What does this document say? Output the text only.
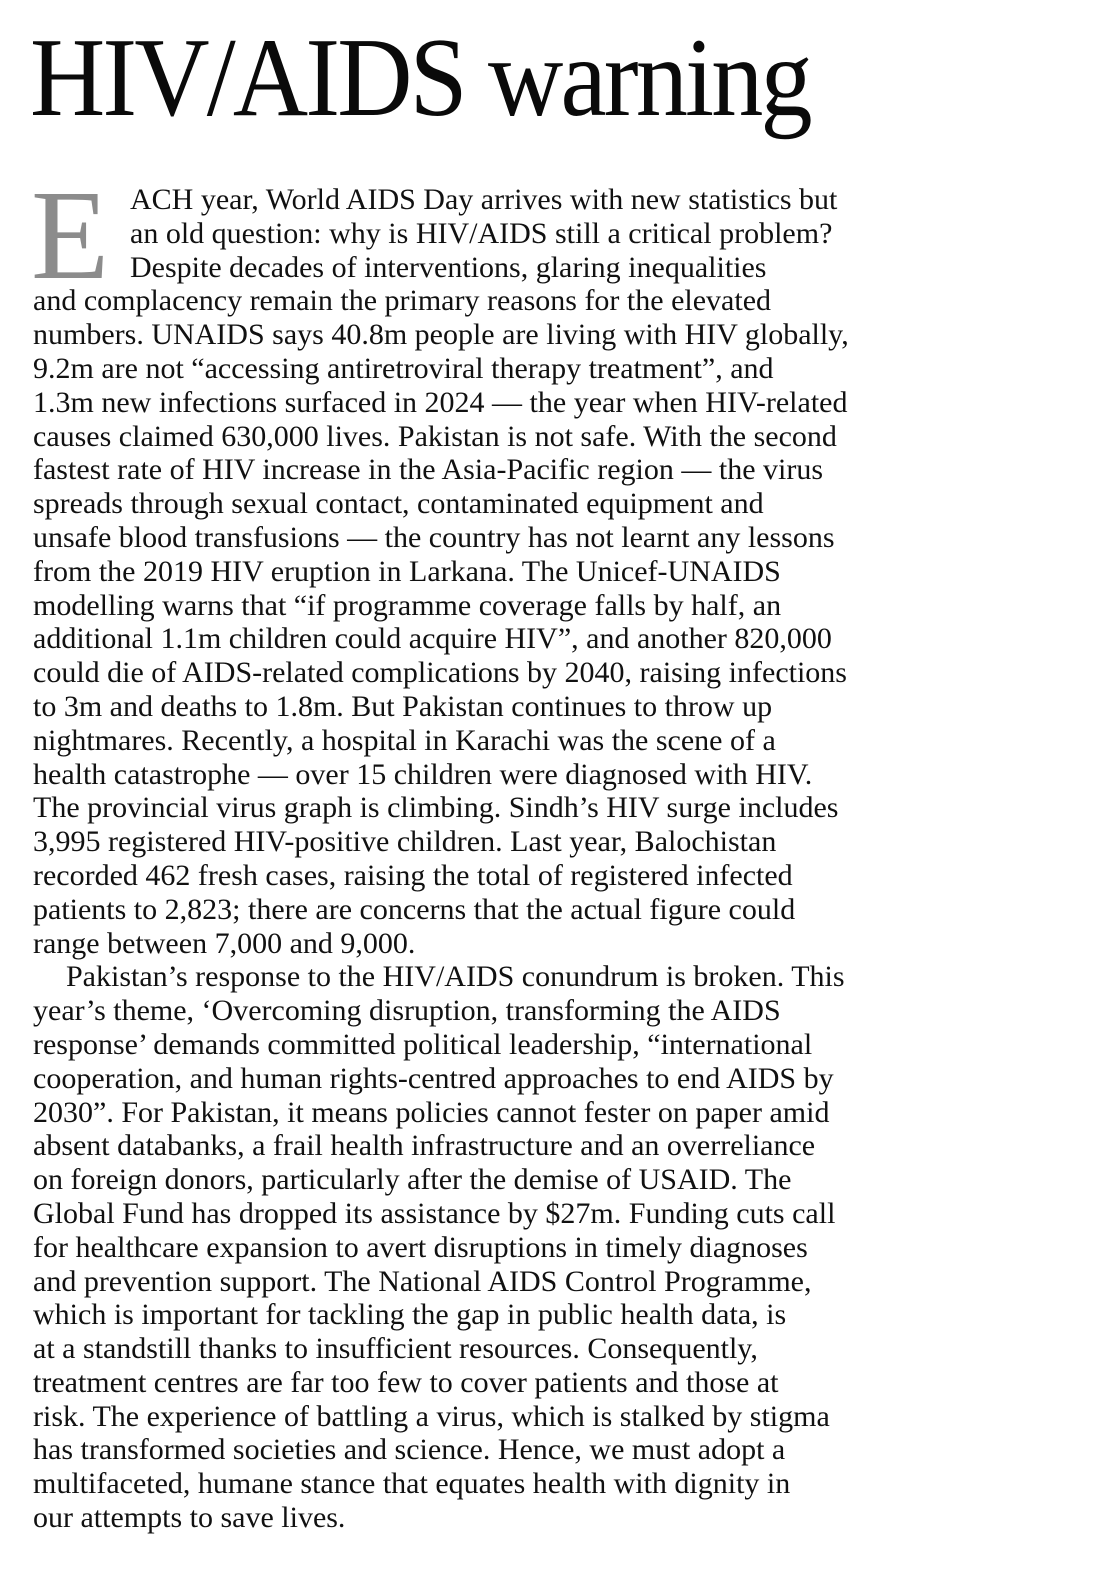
HIV/AIDS warning
E ACH year, World AIDS Day arrives with new statistics but
an old question: why is HIV/AIDS still a critical problem?
Despite decades of interventions, glaring inequalities
and complacency remain the primary reasons for the elevated
numbers. UNAIDS says 40.8m people are living with HIV globally,
9.2m are not “accessing antiretroviral therapy treatment”, and
1.3m new infections surfaced in 2024 — the year when HIV-related
causes claimed 630,000 lives. Pakistan is not safe. With the second
fastest rate of HIV increase in the Asia-Pacific region — the virus
spreads through sexual contact, contaminated equipment and
unsafe blood transfusions — the country has not learnt any lessons
from the 2019 HIV eruption in Larkana. The Unicef-UNAIDS
modelling warns that “if programme coverage falls by half, an
additional 1.1m children could acquire HIV”, and another 820,000
could die of AIDS-related complications by 2040, raising infections
to 3m and deaths to 1.8m. But Pakistan continues to throw up
nightmares. Recently, a hospital in Karachi was the scene of a
health catastrophe — over 15 children were diagnosed with HIV.
The provincial virus graph is climbing. Sindh’s HIV surge includes
3,995 registered HIV-positive children. Last year, Balochistan
recorded 462 fresh cases, raising the total of registered infected
patients to 2,823; there are concerns that the actual figure could
range between 7,000 and 9,000.
Pakistan’s response to the HIV/AIDS conundrum is broken. This
year’s theme, ‘Overcoming disruption, transforming the AIDS
response’ demands committed political leadership, “international
cooperation, and human rights-centred approaches to end AIDS by
2030”. For Pakistan, it means policies cannot fester on paper amid
absent databanks, a frail health infrastructure and an overreliance
on foreign donors, particularly after the demise of USAID. The
Global Fund has dropped its assistance by $27m. Funding cuts call
for healthcare expansion to avert disruptions in timely diagnoses
and prevention support. The National AIDS Control Programme,
which is important for tackling the gap in public health data, is
at a standstill thanks to insufficient resources. Consequently,
treatment centres are far too few to cover patients and those at
risk. The experience of battling a virus, which is stalked by stigma
has transformed societies and science. Hence, we must adopt a
multifaceted, humane stance that equates health with dignity in
our attempts to save lives.
